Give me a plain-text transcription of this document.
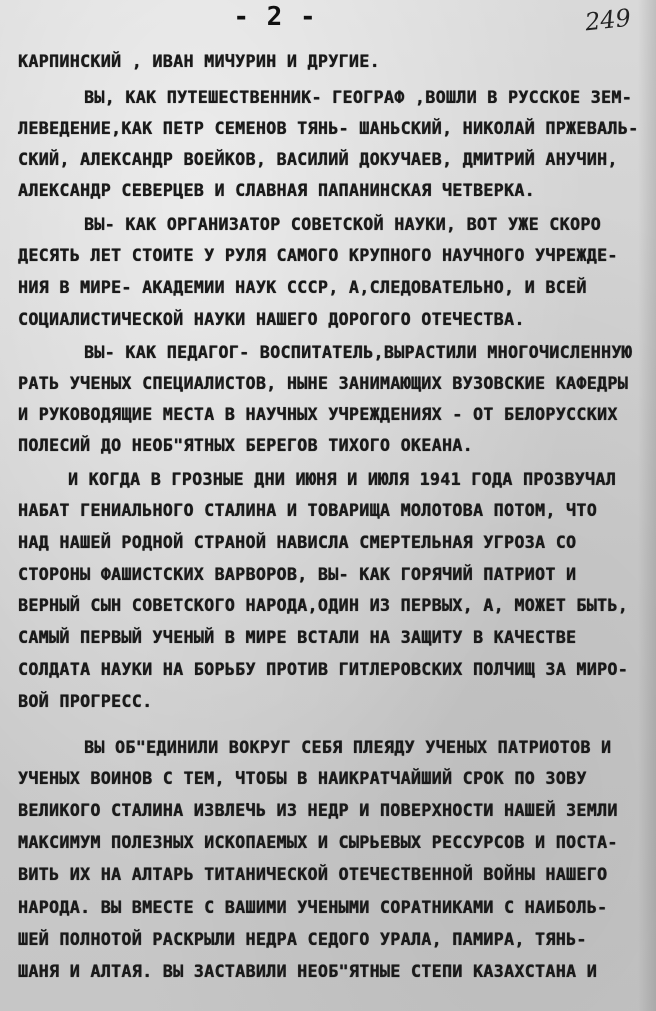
- 2 -	249
КАРПИНСКИЙ , ИВАН МИЧУРИН И ДРУГИЕ.
ВЫ, КАК ПУТЕШЕСТВЕННИК- ГЕОГРАФ ,ВОШЛИ В РУССКОЕ ЗЕМ-
ЛЕВЕДЕНИЕ,КАК ПЕТР СЕМЕНОВ ТЯНЬ- ШАНЬСКИЙ, НИКОЛАЙ ПРЖЕВАЛЬ-
СКИЙ, АЛЕКСАНДР ВОЕЙКОВ, ВАСИЛИЙ ДОКУЧАЕВ, ДМИТРИЙ АНУЧИН,
АЛЕКСАНДР СЕВЕРЦЕВ И СЛАВНАЯ ПАПАНИНСКАЯ ЧЕТВЕРКА.
ВЫ- КАК ОРГАНИЗАТОР СОВЕТСКОЙ НАУКИ, ВОТ УЖЕ СКОРО
ДЕСЯТЬ ЛЕТ СТОИТЕ У РУЛЯ САМОГО КРУПНОГО НАУЧНОГО УЧРЕЖДЕ-
НИЯ В МИРЕ- АКАДЕМИИ НАУК СССР, А,СЛЕДОВАТЕЛЬНО, И ВСЕЙ
СОЦИАЛИСТИЧЕСКОЙ НАУКИ НАШЕГО ДОРОГОГО ОТЕЧЕСТВА.
ВЫ- КАК ПЕДАГОГ- ВОСПИТАТЕЛЬ,ВЫРАСТИЛИ МНОГОЧИСЛЕННУЮ
РАТЬ УЧЕНЫХ СПЕЦИАЛИСТОВ, НЫНЕ ЗАНИМАЮЩИХ ВУЗОВСКИЕ КАФЕДРЫ
И РУКОВОДЯЩИЕ МЕСТА В НАУЧНЫХ УЧРЕЖДЕНИЯХ - ОТ БЕЛОРУССКИХ
ПОЛЕСИЙ ДО НЕОБ"ЯТНЫХ БЕРЕГОВ ТИХОГО ОКЕАНА.
И КОГДА В ГРОЗНЫЕ ДНИ ИЮНЯ И ИЮЛЯ 1941 ГОДА ПРОЗВУЧАЛ
НАБАТ ГЕНИАЛЬНОГО СТАЛИНА И ТОВАРИЩА МОЛОТОВА ПОТОМ, ЧТО
НАД НАШЕЙ РОДНОЙ СТРАНОЙ НАВИСЛА СМЕРТЕЛЬНАЯ УГРОЗА СО
СТОРОНЫ ФАШИСТСКИХ ВАРВОРОВ, ВЫ- КАК ГОРЯЧИЙ ПАТРИОТ И
ВЕРНЫЙ СЫН СОВЕТСКОГО НАРОДА,ОДИН ИЗ ПЕРВЫХ, А, МОЖЕТ БЫТЬ,
САМЫЙ ПЕРВЫЙ УЧЕНЫЙ В МИРЕ ВСТАЛИ НА ЗАЩИТУ В КАЧЕСТВЕ
СОЛДАТА НАУКИ НА БОРЬБУ ПРОТИВ ГИТЛЕРОВСКИХ ПОЛЧИЩ ЗА МИРО-
ВОЙ ПРОГРЕСС.
ВЫ ОБ"ЕДИНИЛИ ВОКРУГ СЕБЯ ПЛЕЯДУ УЧЕНЫХ ПАТРИОТОВ И
УЧЕНЫХ ВОИНОВ С ТЕМ, ЧТОБЫ В НАИКРАТЧАЙШИЙ СРОК ПО ЗОВУ
ВЕЛИКОГО СТАЛИНА ИЗВЛЕЧЬ ИЗ НЕДР И ПОВЕРХНОСТИ НАШЕЙ ЗЕМЛИ
МАКСИМУМ ПОЛЕЗНЫХ ИСКОПАЕМЫХ И СЫРЬЕВЫХ РЕССУРСОВ И ПОСТА-
ВИТЬ ИХ НА АЛТАРЬ ТИТАНИЧЕСКОЙ ОТЕЧЕСТВЕННОЙ ВОЙНЫ НАШЕГО
НАРОДА. ВЫ ВМЕСТЕ С ВАШИМИ УЧЕНЫМИ СОРАТНИКАМИ С НАИБОЛЬ-
ШЕЙ ПОЛНОТОЙ РАСКРЫЛИ НЕДРА СЕДОГО УРАЛА, ПАМИРА, ТЯНЬ-
ШАНЯ И АЛТАЯ. ВЫ ЗАСТАВИЛИ НЕОБ"ЯТНЫЕ СТЕПИ КАЗАХСТАНА И
